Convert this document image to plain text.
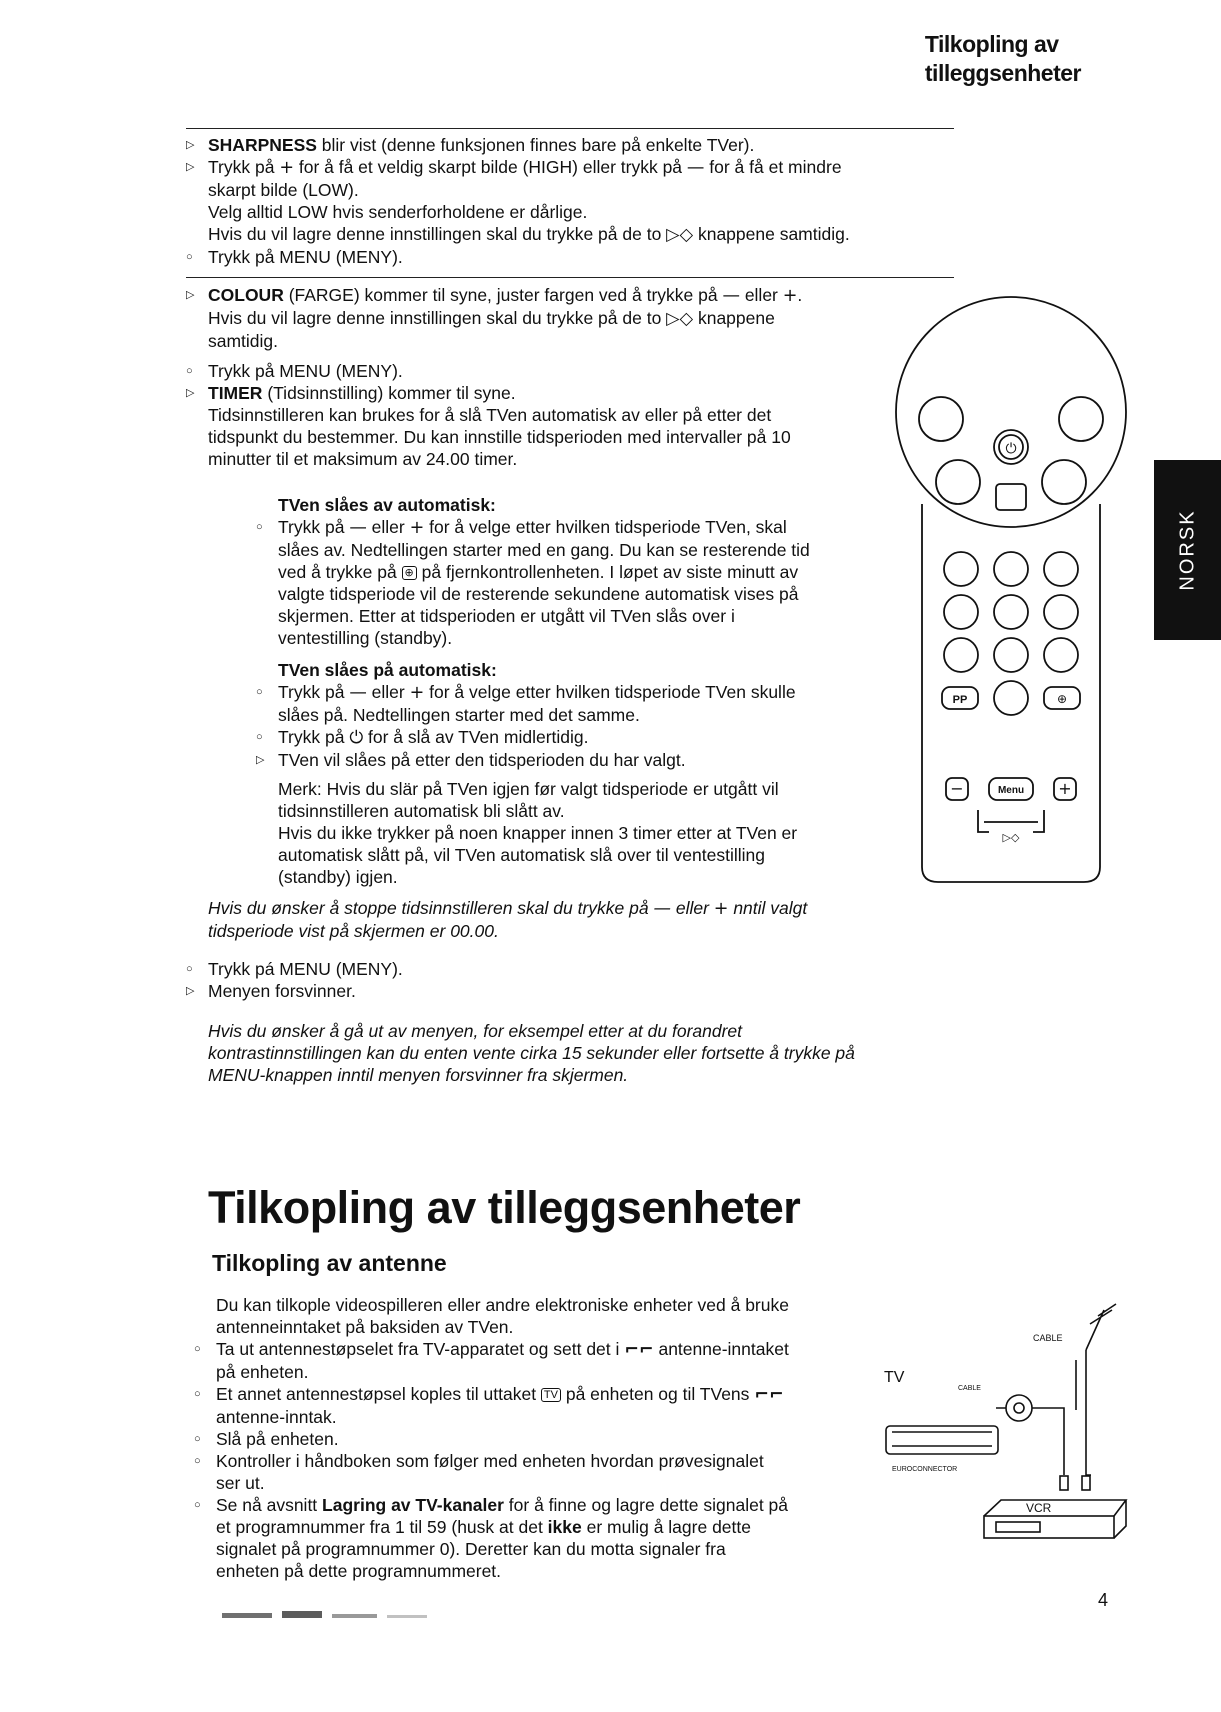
Tilkopling av
tilleggsenheter
▷ SHARPNESS blir vist (denne funksjonen finnes bare på enkelte TVer).
▷ Trykk på + for å få et veldig skarpt bilde (HIGH) eller trykk på — for å få et mindre
skarpt bilde (LOW).
Velg alltid LOW hvis senderforholdene er dårlige.
Hvis du vil lagre denne innstillingen skal du trykke på de to ▷◇ knappene samtidig.
○ Trykk på MENU (MENY).
▷ COLOUR (FARGE) kommer til syne, juster fargen ved å trykke på — eller +.
Hvis du vil lagre denne innstillingen skal du trykke på de to ▷◇ knappene
samtidig.
○ Trykk på MENU (MENY).
▷ TIMER (Tidsinnstilling) kommer til syne.
Tidsinnstilleren kan brukes for å slå TVen automatisk av eller på etter det
tidspunkt du bestemmer. Du kan innstille tidsperioden med intervaller på 10
minutter til et maksimum av 24.00 timer.
TVen slåes av automatisk:
○ Trykk på — eller + for å velge etter hvilken tidsperiode TVen, skal
slåes av. Nedtellingen starter med en gang. Du kan se resterende tid
ved å trykke på ⊕ på fjernkontrollenheten. I løpet av siste minutt av
valgte tidsperiode vil de resterende sekundene automatisk vises på
skjermen. Etter at tidsperioden er utgått vil TVen slås over i
ventestilling (standby).
TVen slåes på automatisk:
○ Trykk på — eller + for å velge etter hvilken tidsperiode TVen skulle
slåes på. Nedtellingen starter med det samme.
○ Trykk på ⏻ for å slå av TVen midlertidig.
▷ TVen vil slåes på etter den tidsperioden du har valgt.
Merk: Hvis du slär på TVen igjen før valgt tidsperiode er utgått vil
tidsinnstilleren automatisk bli slått av.
Hvis du ikke trykker på noen knapper innen 3 timer etter at TVen er
automatisk slått på, vil TVen automatisk slå over til ventestilling
(standby) igjen.
Hvis du ønsker å stoppe tidsinnstilleren skal du trykke på — eller + nntil valgt
tidsperiode vist på skjermen er 00.00.
○ Trykk pá MENU (MENY).
▷ Menyen forsvinner.
Hvis du ønsker å gå ut av menyen, for eksempel etter at du forandret
kontrastinnstillingen kan du enten vente cirka 15 sekunder eller fortsette å trykke på
MENU-knappen inntil menyen forsvinner fra skjermen.
NORSK
⏻
PP	⊕
−	Menu +
▷◇
Tilkopling av tilleggsenheter
Tilkopling av antenne
Du kan tilkople videospilleren eller andre elektroniske enheter ved å bruke
antenneinntaket på baksiden av TVen.
○ Ta ut antennestøpselet fra TV-apparatet og sett det i ⌐⌐ antenne-inntaket
på enheten.
○ Et annet antennestøpsel koples til uttaket TV på enheten og til TVens ⌐⌐
antenne-inntak.
○ Slå på enheten.
○ Kontroller i håndboken som følger med enheten hvordan prøvesignalet
ser ut.
○ Se nå avsnitt Lagring av TV-kanaler for å finne og lagre dette signalet på
et programnummer fra 1 til 59 (husk at det ikke er mulig å lagre dette
signalet på programnummer 0). Deretter kan du motta signaler fra
enheten på dette programnummeret.
TV
CABLE
CABLE
EUROCONNECTOR
VCR
4
